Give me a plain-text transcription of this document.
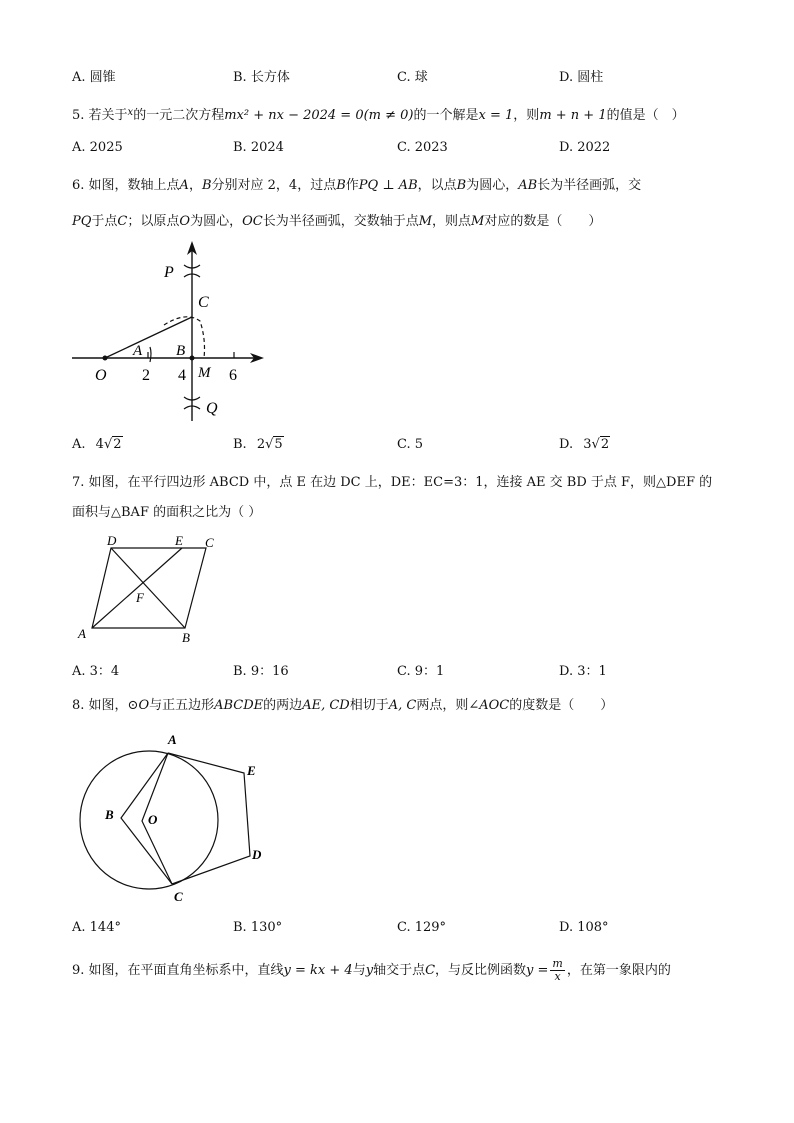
A. 圆锥	B. 长方体	C. 球	D. 圆柱
5. 若关于$^x$的一元二次方程mx² + nx − 2024 = 0(m ≠ 0)的一个解是x = 1，则m + n + 1的值是（　）
A. 2025	B. 2024	C. 2023	D. 2022
6. 如图，数轴上点A，B分别对应 2，4，过点B作PQ ⊥ AB，以点B为圆心，AB长为半径画弧，交
PQ于点C；以原点O为圆心，OC长为半径画弧，交数轴于点M，则点M对应的数是（　　）
P
C
A B
O 2 4 M 6
Q
A. 4√2	B. 2√5	C. 5	D. 3√2
7. 如图，在平行四边形 ABCD 中，点 E 在边 DC 上，DE：EC=3：1，连接 AE 交 BD 于点 F，则△DEF 的
面积与△BAF 的面积之比为（ ）
D	E C
F
A	B
A. 3：4	B. 9：16	C. 9：1	D. 3：1
8. 如图，⊙O与正五边形ABCDE的两边AE, CD相切于A, C两点，则∠AOC的度数是（　　）
A
B	O
E
D
C
A. 144°	B. 130°	C. 129°	D. 108°
9. 如图，在平面直角坐标系中，直线y = kx + 4与y轴交于点C，与反比例函数$y = \frac{m}{x}$ ，在第一象限内的
